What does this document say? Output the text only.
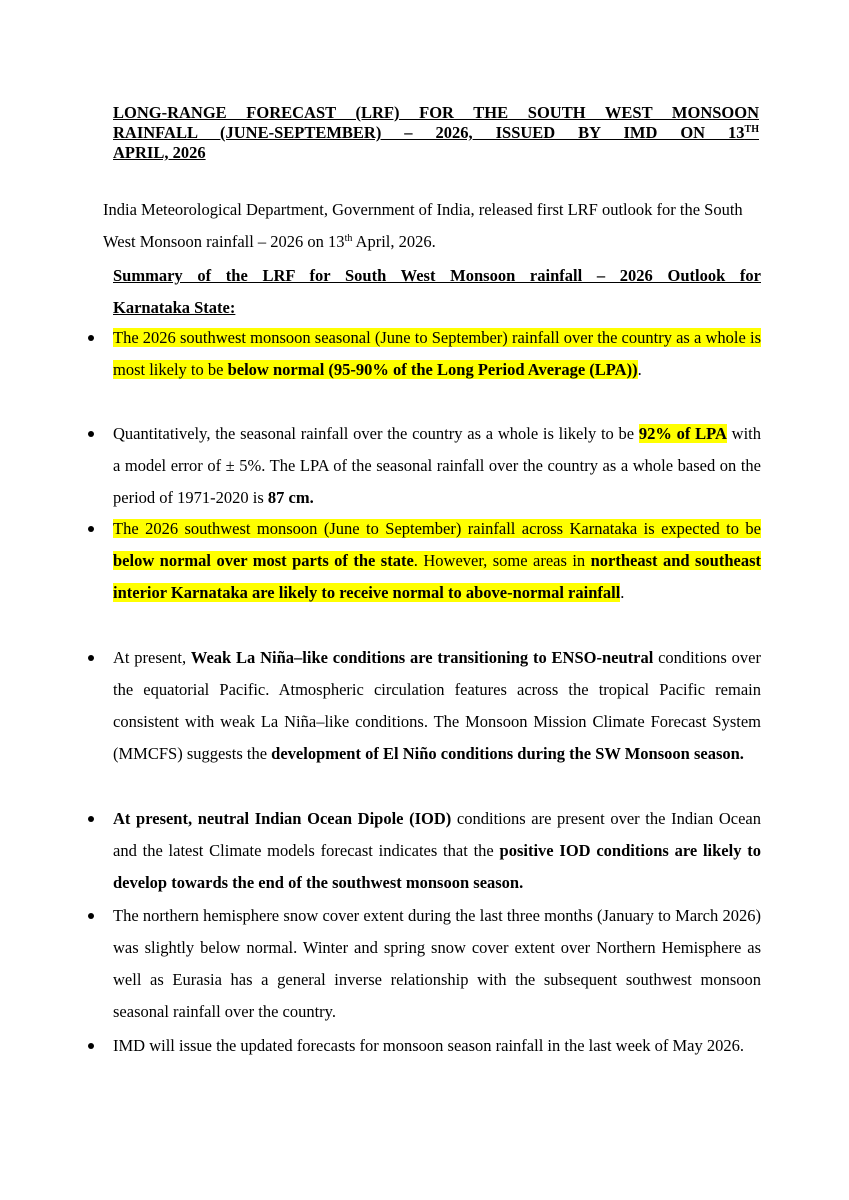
LONG-RANGE FORECAST (LRF) FOR THE SOUTH WEST MONSOON
RAINFALL (JUNE-SEPTEMBER) – 2026, ISSUED BY IMD ON 13TH
APRIL, 2026

India Meteorological Department, Government of India, released first LRF outlook for the South West Monsoon rainfall – 2026 on 13th April, 2026.

Summary of the LRF for South West Monsoon rainfall – 2026 Outlook for
Karnataka State:

The 2026 southwest monsoon seasonal (June to September) rainfall over the country as a whole is most likely to be below normal (95-90% of the Long Period Average (LPA)).

Quantitatively, the seasonal rainfall over the country as a whole is likely to be 92% of LPA with a model error of ± 5%. The LPA of the seasonal rainfall over the country as a whole based on the period of 1971-2020 is 87 cm.

The 2026 southwest monsoon (June to September) rainfall across Karnataka is expected to be below normal over most parts of the state. However, some areas in northeast and southeast interior Karnataka are likely to receive normal to above-normal rainfall.

At present, Weak La Niña–like conditions are transitioning to ENSO-neutral conditions over the equatorial Pacific. Atmospheric circulation features across the tropical Pacific remain consistent with weak La Niña–like conditions. The Monsoon Mission Climate Forecast System (MMCFS) suggests the development of El Niño conditions during the SW Monsoon season.

At present, neutral Indian Ocean Dipole (IOD) conditions are present over the Indian Ocean and the latest Climate models forecast indicates that the positive IOD conditions are likely to develop towards the end of the southwest monsoon season.

The northern hemisphere snow cover extent during the last three months (January to March 2026) was slightly below normal. Winter and spring snow cover extent over Northern Hemisphere as well as Eurasia has a general inverse relationship with the subsequent southwest monsoon seasonal rainfall over the country.

IMD will issue the updated forecasts for monsoon season rainfall in the last week of May 2026.
